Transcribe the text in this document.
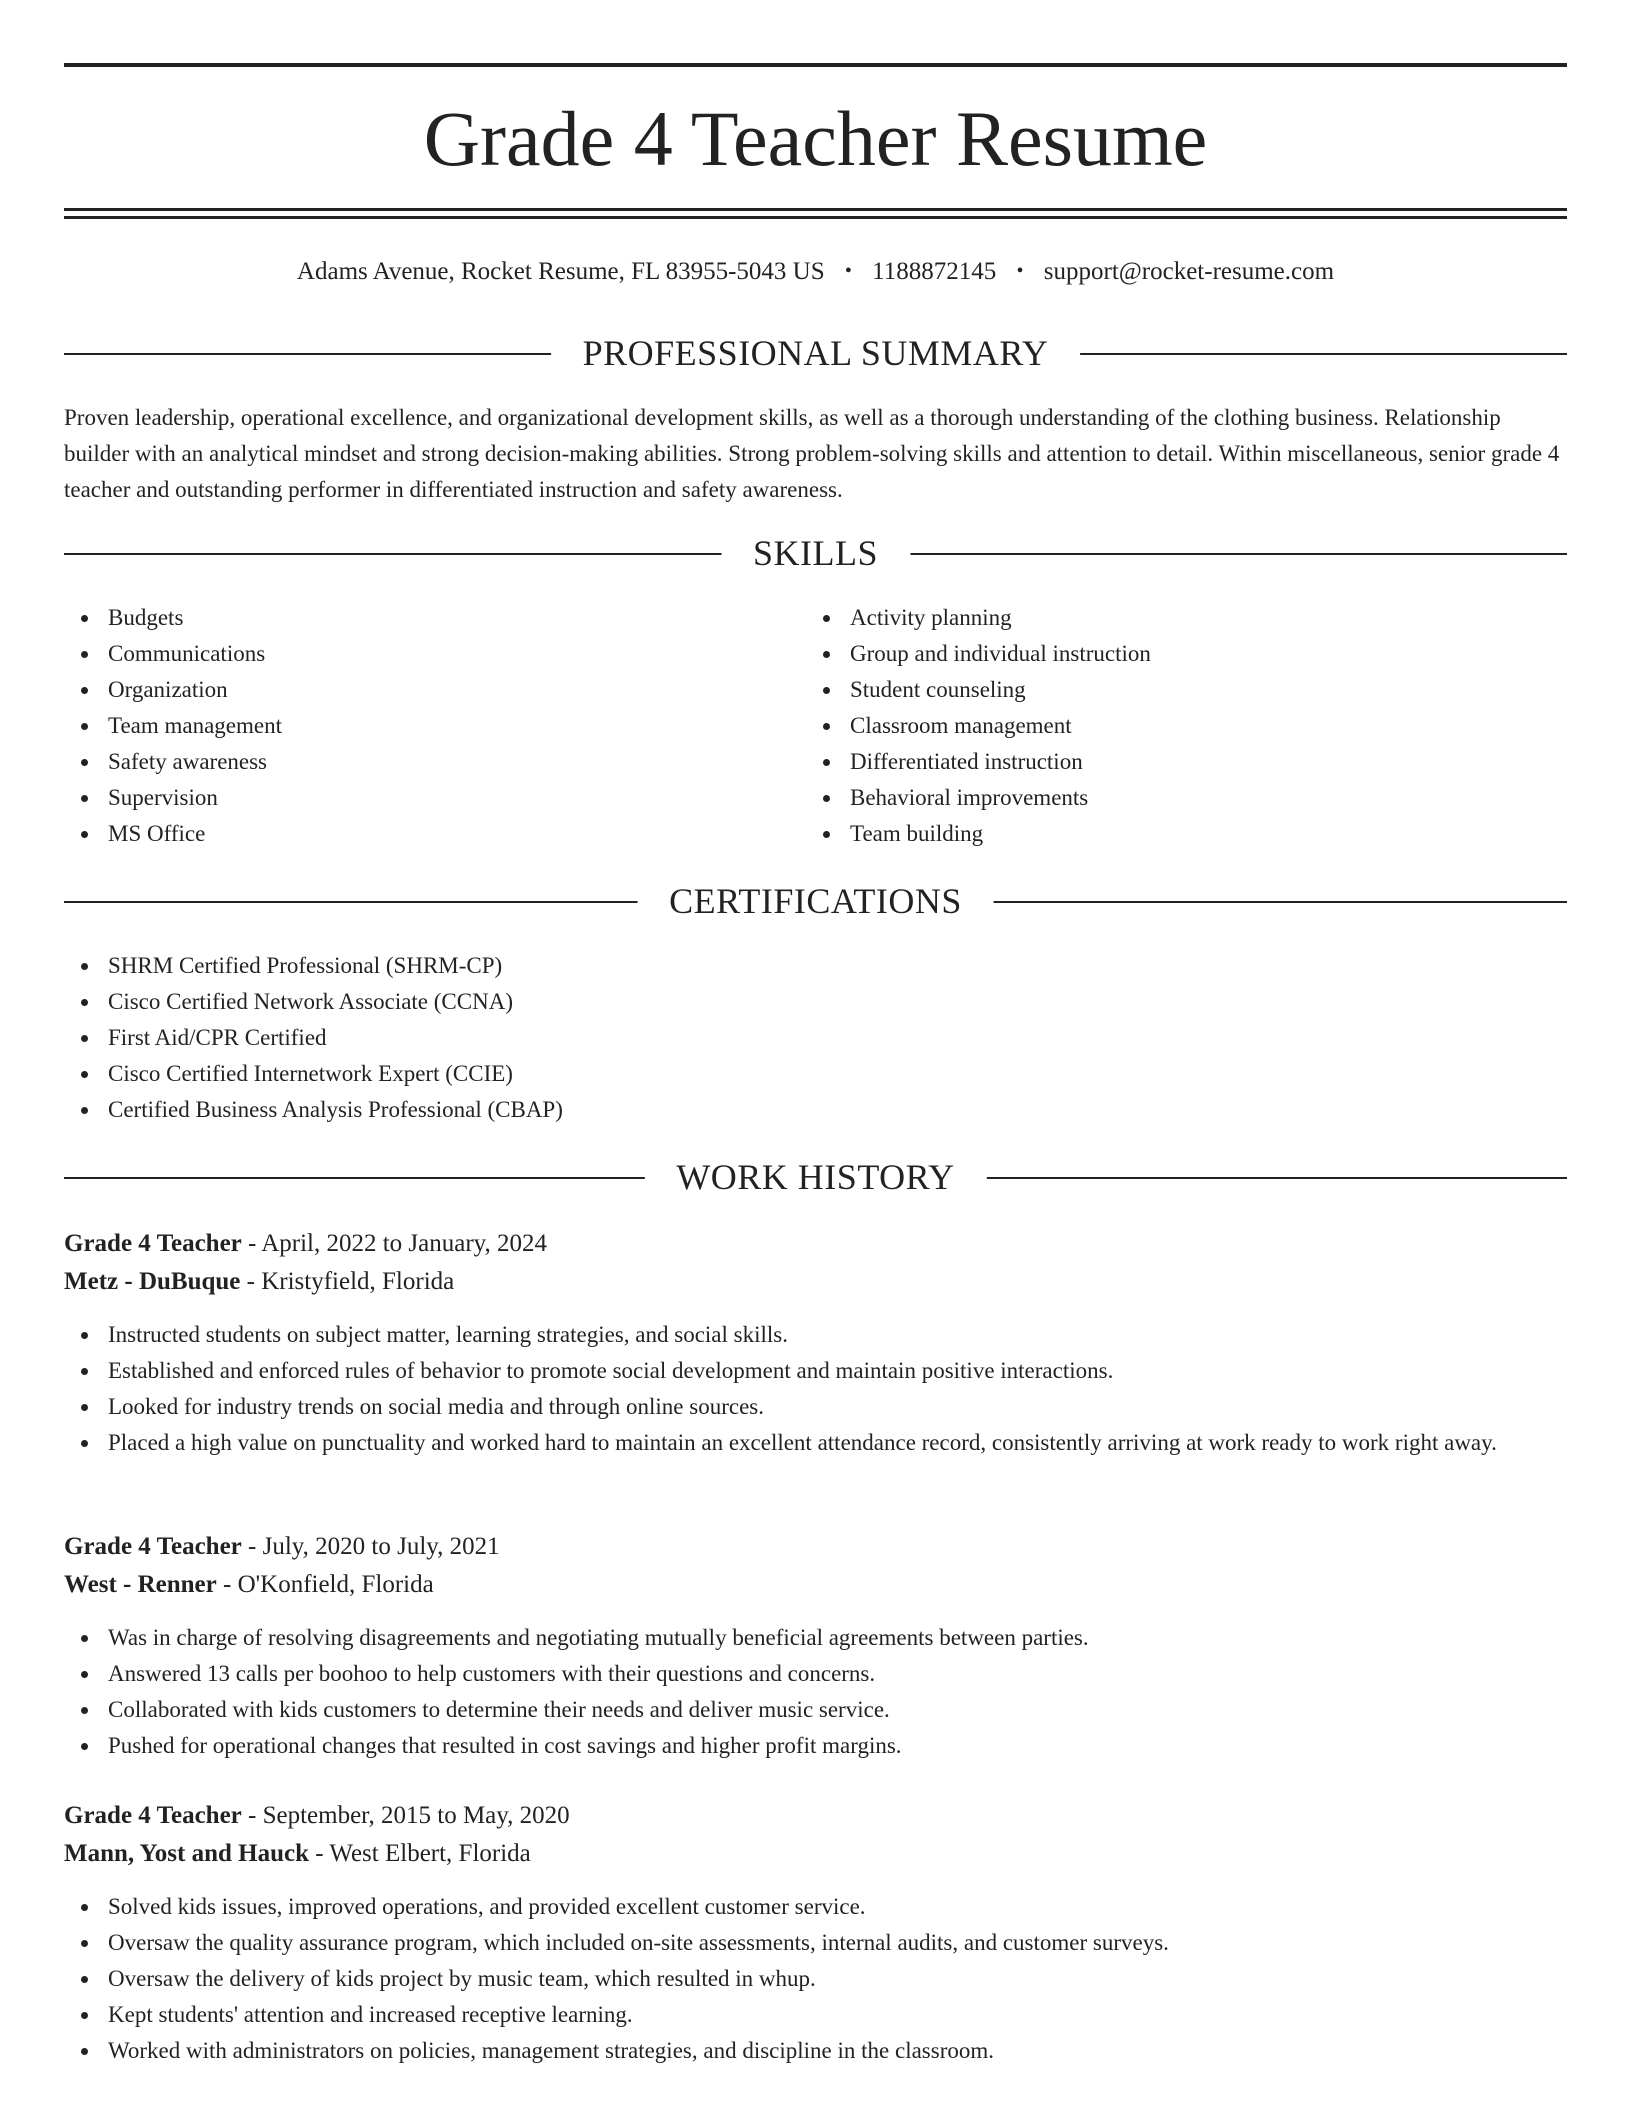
Grade 4 Teacher Resume
Adams Avenue, Rocket Resume, FL 83955-5043 US • 1188872145 • support@rocket-resume.com
PROFESSIONAL SUMMARY

Proven leadership, operational excellence, and organizational development skills, as well as a thorough understanding of the clothing business. Relationship builder with an analytical mindset and strong decision-making abilities. Strong problem-solving skills and attention to detail. Within miscellaneous, senior grade 4 teacher and outstanding performer in differentiated instruction and safety awareness.

SKILLS
Budgets
Communications
Organization
Team management
Safety awareness
Supervision
MS Office
Activity planning
Group and individual instruction
Student counseling
Classroom management
Differentiated instruction
Behavioral improvements
Team building
CERTIFICATIONS
SHRM Certified Professional (SHRM-CP)
Cisco Certified Network Associate (CCNA)
First Aid/CPR Certified
Cisco Certified Internetwork Expert (CCIE)
Certified Business Analysis Professional (CBAP)
WORK HISTORY
Grade 4 Teacher - April, 2022 to January, 2024
Metz - DuBuque - Kristyfield, Florida
Instructed students on subject matter, learning strategies, and social skills.
Established and enforced rules of behavior to promote social development and maintain positive interactions.
Looked for industry trends on social media and through online sources.
Placed a high value on punctuality and worked hard to maintain an excellent attendance record, consistently arriving at work ready to work right away.
Grade 4 Teacher - July, 2020 to July, 2021
West - Renner - O'Konfield, Florida
Was in charge of resolving disagreements and negotiating mutually beneficial agreements between parties.
Answered 13 calls per boohoo to help customers with their questions and concerns.
Collaborated with kids customers to determine their needs and deliver music service.
Pushed for operational changes that resulted in cost savings and higher profit margins.
Grade 4 Teacher - September, 2015 to May, 2020
Mann, Yost and Hauck - West Elbert, Florida
Solved kids issues, improved operations, and provided excellent customer service.
Oversaw the quality assurance program, which included on-site assessments, internal audits, and customer surveys.
Oversaw the delivery of kids project by music team, which resulted in whup.
Kept students' attention and increased receptive learning.
Worked with administrators on policies, management strategies, and discipline in the classroom.
